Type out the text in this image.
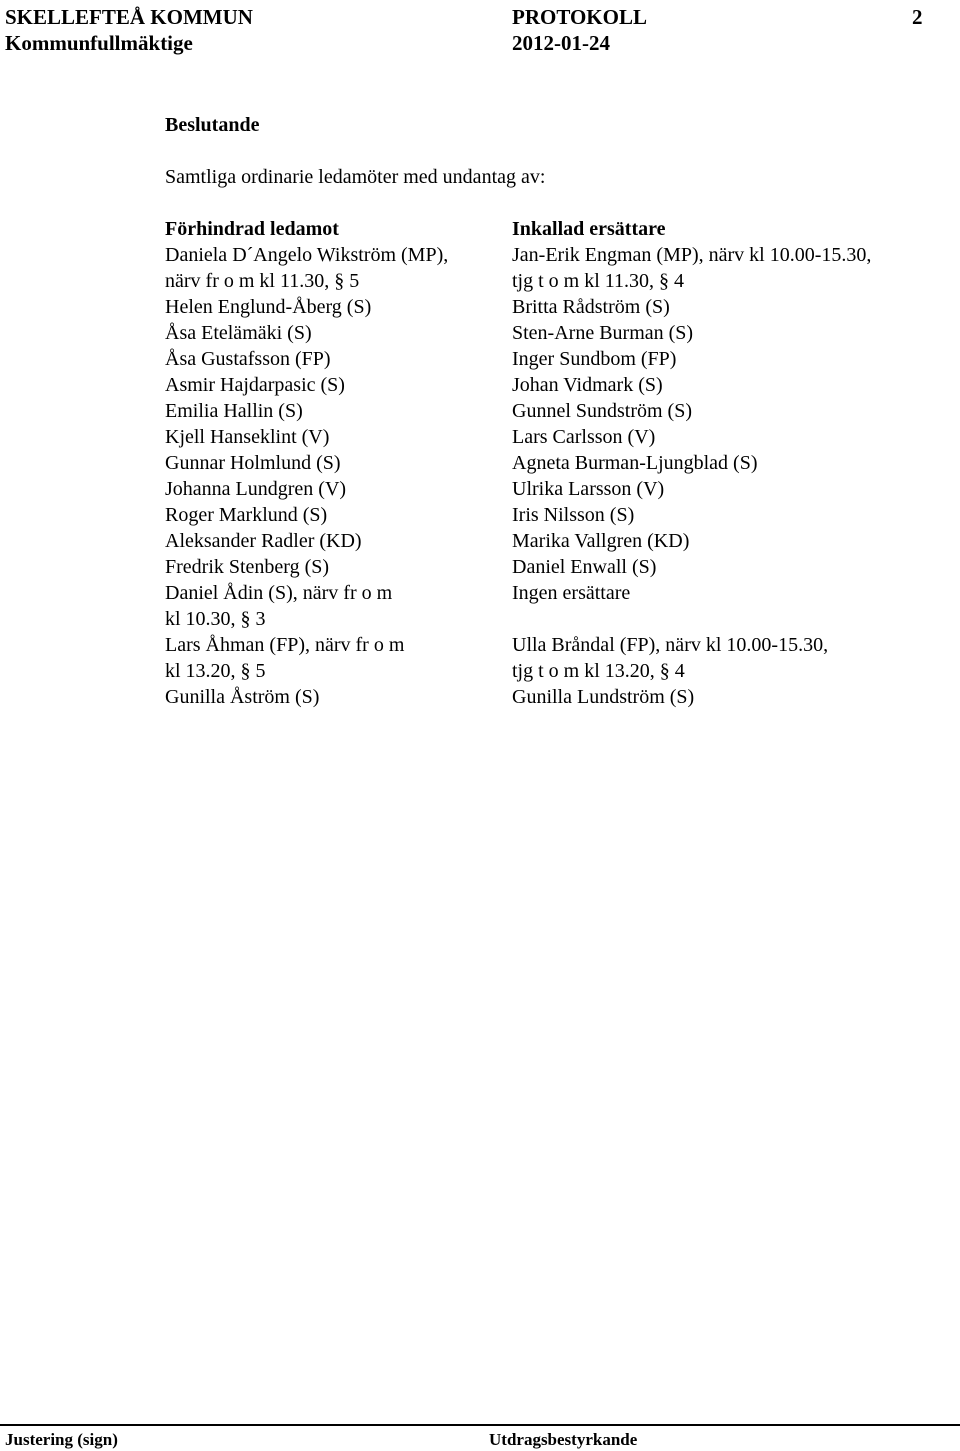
SKELLEFTEÅ KOMMUN	PROTOKOLL	2
Kommunfullmäktige	2012-01-24
Beslutande
Samtliga ordinarie ledamöter med undantag av:
Förhindrad ledamot	Inkallad ersättare
Daniela D´Angelo Wikström (MP),	Jan-Erik Engman (MP), närv kl 10.00-15.30,
närv fr o m kl 11.30, § 5	tjg t o m kl 11.30, § 4
Helen Englund-Åberg (S)	Britta Rådström (S)
Åsa Etelämäki (S)	Sten-Arne Burman (S)
Åsa Gustafsson (FP)	Inger Sundbom (FP)
Asmir Hajdarpasic (S)	Johan Vidmark (S)
Emilia Hallin (S)	Gunnel Sundström (S)
Kjell Hanseklint (V)	Lars Carlsson (V)
Gunnar Holmlund (S)	Agneta Burman-Ljungblad (S)
Johanna Lundgren (V)	Ulrika Larsson (V)
Roger Marklund (S)	Iris Nilsson (S)
Aleksander Radler (KD)	Marika Vallgren (KD)
Fredrik Stenberg (S)	Daniel Enwall (S)
Daniel Ådin (S), närv fr o m	Ingen ersättare
kl 10.30, § 3
Lars Åhman (FP), närv fr o m	Ulla Bråndal (FP), närv kl 10.00-15.30,
kl 13.20, § 5	tjg t o m kl 13.20, § 4
Gunilla Åström (S)	Gunilla Lundström (S)
Justering (sign)	Utdragsbestyrkande
